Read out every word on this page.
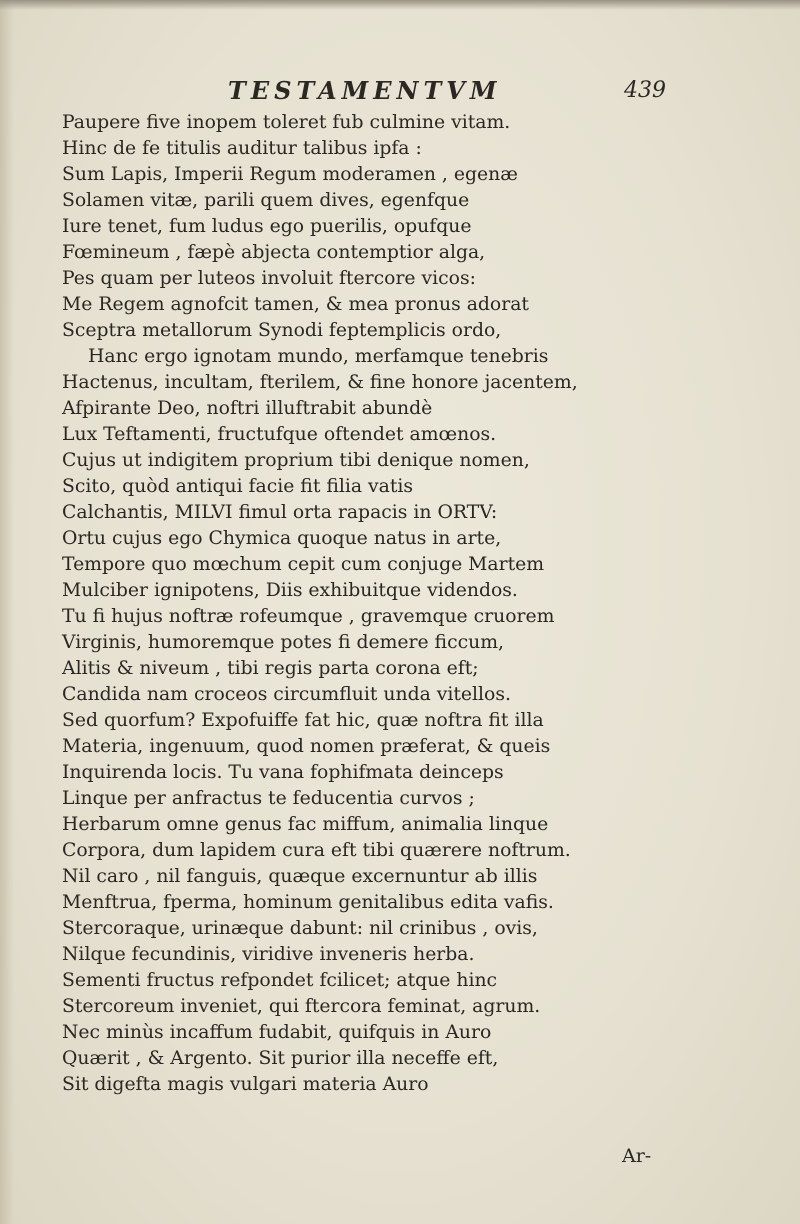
TESTAMENTVM	439
Paupere five inopem toleret fub culmine vitam.
Hinc de fe titulis auditur talibus ipfa :
Sum Lapis, Imperii Regum moderamen , egenæ
Solamen vitæ, parili quem dives, egenfque
Iure tenet, fum ludus ego puerilis, opufque
Fœmineum , fæpè abjecta contemptior alga,
Pes quam per luteos involuit ftercore vicos:
Me Regem agnofcit tamen, & mea pronus adorat
Sceptra metallorum Synodi feptemplicis ordo,
Hanc ergo ignotam mundo, merfamque tenebris
Hactenus, incultam, fterilem, & fine honore jacentem,
Afpirante Deo, noftri illuftrabit abundè
Lux Teftamenti, fructufque oftendet amœnos.
Cujus ut indigitem proprium tibi denique nomen,
Scito, quòd antiqui facie fit filia vatis
Calchantis, MILVI fimul orta rapacis in ORTV:
Ortu cujus ego Chymica quoque natus in arte,
Tempore quo mœchum cepit cum conjuge Martem
Mulciber ignipotens, Diis exhibuitque videndos.
Tu fi hujus noftræ rofeumque , gravemque cruorem
Virginis, humoremque potes fi demere ficcum,
Alitis & niveum , tibi regis parta corona eft;
Candida nam croceos circumfluit unda vitellos.
Sed quorfum? Expofuiffe fat hic, quæ noftra fit illa
Materia, ingenuum, quod nomen præferat, & queis
Inquirenda locis. Tu vana fophifmata deinceps
Linque per anfractus te feducentia curvos ;
Herbarum omne genus fac miffum, animalia linque
Corpora, dum lapidem cura eft tibi quærere noftrum.
Nil caro , nil fanguis, quæque excernuntur ab illis
Menftrua, fperma, hominum genitalibus edita vafis.
Stercoraque, urinæque dabunt: nil crinibus , ovis,
Nilque fecundinis, viridive inveneris herba.
Sementi fructus refpondet fcilicet; atque hinc
Stercoreum inveniet, qui ftercora feminat, agrum.
Nec minùs incaffum fudabit, quifquis in Auro
Quærit , & Argento. Sit purior illa neceffe eft,
Sit digefta magis vulgari materia Auro
Ar-
